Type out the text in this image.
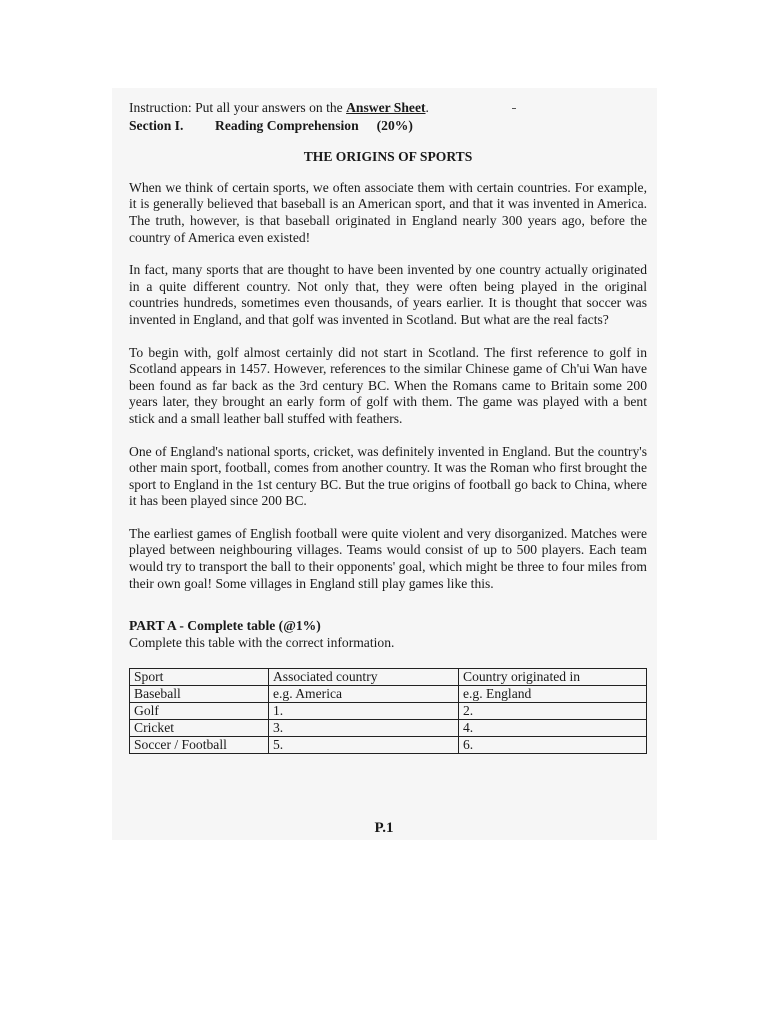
Instruction: Put all your answers on the Answer Sheet.
Section I. Reading Comprehension (20%)
THE ORIGINS OF SPORTS

When we think of certain sports, we often associate them with certain countries. For example, it is generally believed that baseball is an American sport, and that it was invented in America. The truth, however, is that baseball originated in England nearly 300 years ago, before the country of America even existed!

In fact, many sports that are thought to have been invented by one country actually originated in a quite different country. Not only that, they were often being played in the original countries hundreds, sometimes even thousands, of years earlier. It is thought that soccer was invented in England, and that golf was invented in Scotland. But what are the real facts?

To begin with, golf almost certainly did not start in Scotland. The first reference to golf in Scotland appears in 1457. However, references to the similar Chinese game of Ch'ui Wan have been found as far back as the 3rd century BC. When the Romans came to Britain some 200 years later, they brought an early form of golf with them. The game was played with a bent stick and a small leather ball stuffed with feathers.

One of England's national sports, cricket, was definitely invented in England. But the country's other main sport, football, comes from another country. It was the Roman who first brought the sport to England in the 1st century BC. But the true origins of football go back to China, where it has been played since 200 BC.

The earliest games of English football were quite violent and very disorganized. Matches were played between neighbouring villages. Teams would consist of up to 500 players. Each team would try to transport the ball to their opponents' goal, which might be three to four miles from their own goal! Some villages in England still play games like this.

PART A - Complete table (@1%)
Complete this table with the correct information.
Sport	Associated country	Country originated in
Baseball	e.g. America	e.g. England
Golf	1.	2.
Cricket	3.	4.
Soccer / Football	5.	6.
P.1
